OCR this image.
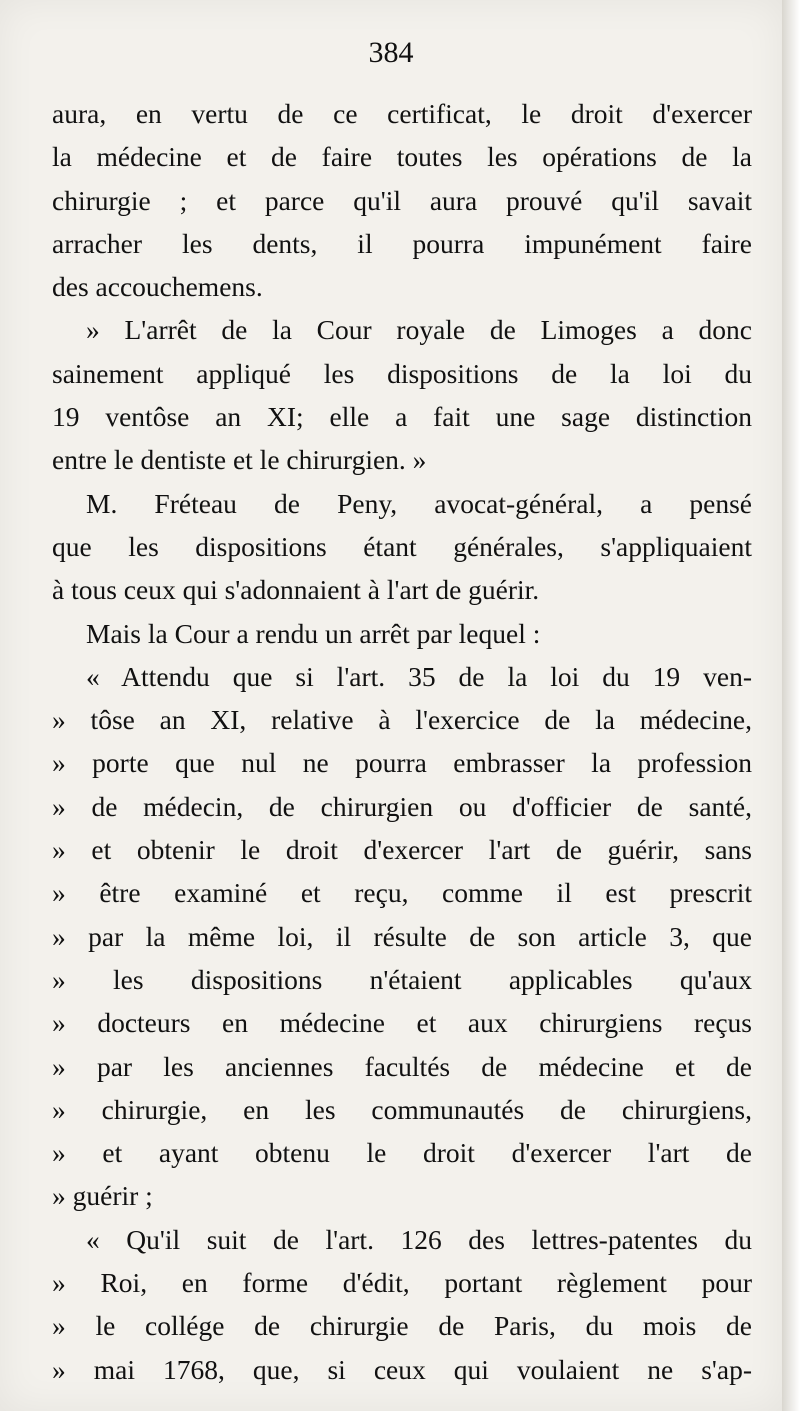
384
aura, en vertu de ce certificat, le droit d'exercer
la médecine et de faire toutes les opérations de la
chirurgie ; et parce qu'il aura prouvé qu'il savait
arracher les dents, il pourra impunément faire
des accouchemens.
» L'arrêt de la Cour royale de Limoges a donc
sainement appliqué les dispositions de la loi du
19 ventôse an XI; elle a fait une sage distinction
entre le dentiste et le chirurgien. »
M. Fréteau de Peny, avocat-général, a pensé
que les dispositions étant générales, s'appliquaient
à tous ceux qui s'adonnaient à l'art de guérir.
Mais la Cour a rendu un arrêt par lequel :
« Attendu que si l'art. 35 de la loi du 19 ven-
» tôse an XI, relative à l'exercice de la médecine,
» porte que nul ne pourra embrasser la profession
» de médecin, de chirurgien ou d'officier de santé,
» et obtenir le droit d'exercer l'art de guérir, sans
» être examiné et reçu, comme il est prescrit
» par la même loi, il résulte de son article 3, que
» les dispositions n'étaient applicables qu'aux
» docteurs en médecine et aux chirurgiens reçus
» par les anciennes facultés de médecine et de
» chirurgie, en les communautés de chirurgiens,
» et ayant obtenu le droit d'exercer l'art de
» guérir ;
« Qu'il suit de l'art. 126 des lettres-patentes du
» Roi, en forme d'édit, portant règlement pour
» le collége de chirurgie de Paris, du mois de
» mai 1768, que, si ceux qui voulaient ne s'ap-
